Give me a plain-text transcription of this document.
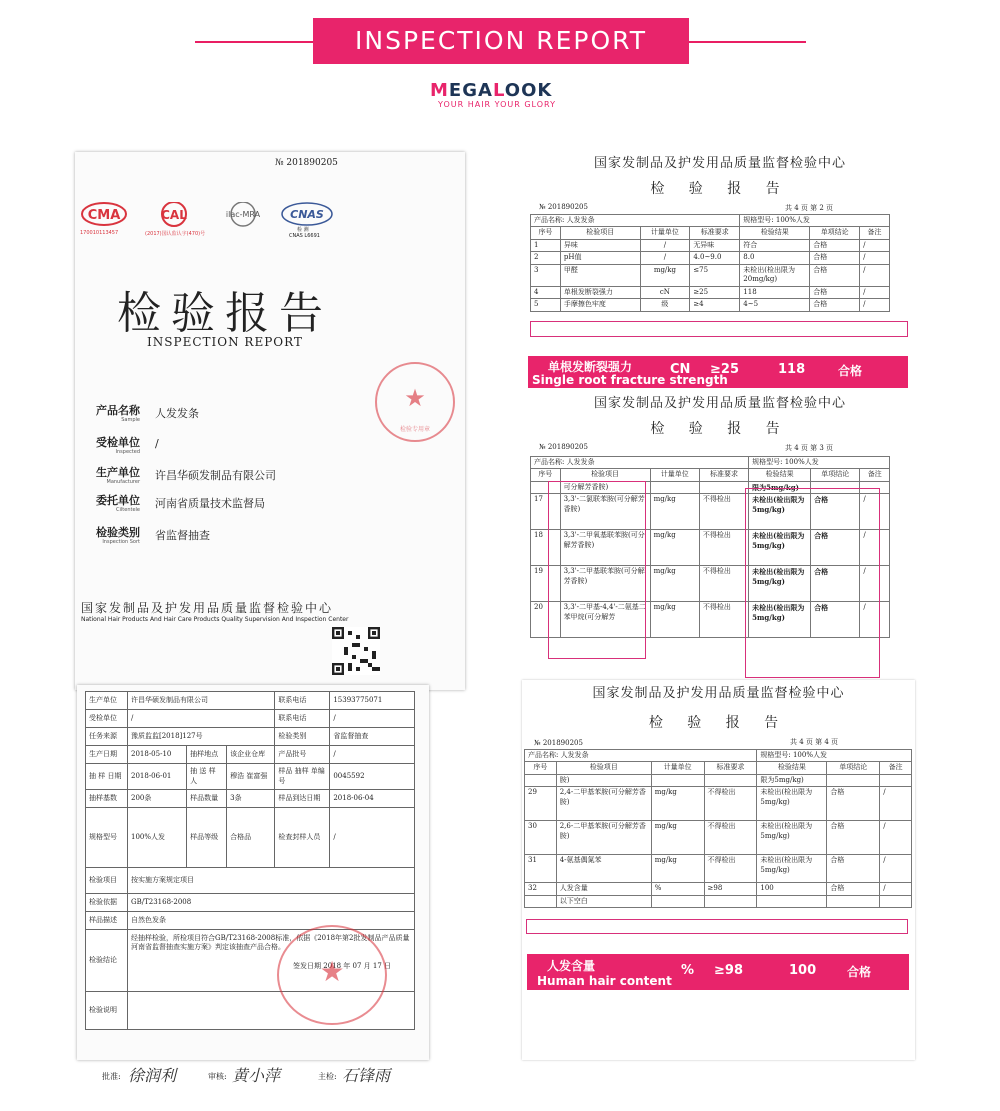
INSPECTION REPORT
MEGALOOK
YOUR HAIR YOUR GLORY
№ 201890205
CMA
170010113457
CAL
(2017)国认监认字(470)号
ilac-MRA	CNAS
检 测
CNAS L6691
检验报告
INSPECTION REPORT
产品名称
Sample 人发发条
受检单位
Inspected
/
生产单位
Manufacturer 许昌华硕发制品有限公司
委托单位
Ciltentele 河南省质量技术监督局
检验类别
Inspection Sort 省监督抽查
★
检验专用章
国家发制品及护发用品质量监督检验中心
National Hair Products And Hair Care Products Quality Supervision And Inspection Center
国家发制品及护发用品质量监督检验中心
检 验 报 告
№ 201890205	共 4 页 第 2 页
产品名称: 人发发条				规格型号: 100%人发		
序号	检验项目	计量单位	标准要求	检验结果	单项结论	备注
1	异味	/	无异味	符合	合格	/
2	pH值	/	4.0~9.0	8.0	合格	/
3	甲醛	mg/kg	≤75	未检出(检出限为20mg/kg)	合格	/
4	单根发断裂强力	cN	≥25	118	合格	/
5	手摩擦色牢度	级	≥4	4~5	合格	/
单根发断裂强力
Single root fracture strength
CN ≥25	118	合格
国家发制品及护发用品质量监督检验中心
检 验 报 告
№ 201890205	共 4 页 第 3 页
产品名称: 人发发条				规格型号: 100%人发		
序号	检验项目	计量单位	标准要求	检验结果	单项结论	备注
	可分解芳香胺)			限为5mg/kg)		
17	3,3'-二氯联苯胺(可分解芳香胺)	mg/kg	不得检出	未检出(检出限为5mg/kg)	合格	/
18	3,3'-二甲氧基联苯胺(可分解芳香胺)	mg/kg	不得检出	未检出(检出限为5mg/kg)	合格	/
19	3,3'-二甲基联苯胺(可分解芳香胺)	mg/kg	不得检出	未检出(检出限为5mg/kg)	合格	/
20	3,3'-二甲基-4,4'-二氨基二苯甲烷(可分解芳	mg/kg	不得检出	未检出(检出限为5mg/kg)	合格	/
国家发制品及护发用品质量监督检验中心
检 验 报 告
№ 201890205	共 4 页 第 4 页
产品名称: 人发发条				规格型号: 100%人发		
序号	检验项目	计量单位	标准要求	检验结果	单项结论	备注
	胺)			限为5mg/kg)		
29	2,4-二甲基苯胺(可分解芳香胺)	mg/kg	不得检出	未检出(检出限为5mg/kg)	合格	/
30	2,6-二甲基苯胺(可分解芳香胺)	mg/kg	不得检出	未检出(检出限为5mg/kg)	合格	/
31	4-氨基偶氮苯	mg/kg	不得检出	未检出(检出限为5mg/kg)	合格	/
32	人发含量	%	≥98	100	合格	/
	以下空白					
人发含量
Human hair content
% ≥98	100	合格
生产单位	许昌华硕发制品有限公司			联系电话	15393775071
受检单位	/			联系电话	/
任务来源	豫质监监[2018]127号			检验类别	省监督抽查
生产日期	2018-05-10	抽样地点	该企业仓库	产品批号	/
抽 样 日期	2018-06-01	抽 送 样 人	穆浩 崔富强	样品 抽样 单编号	0045592
抽样基数	200条	样品数量	3条	样品到达日期	2018-06-04
规格型号	100%人发	样品等级	合格品	检查封样人员	/
检验项目	按实施方案规定项目				
检验依据	GB/T23168-2008				
样品描述	自然色发条				
检验结论	经抽样检验，所检项目符合GB/T23168-2008标准，依据《2018年第2批发制品产品质量河南省监督抽查实施方案》判定该抽查产品合格。
签发日期 2018 年 07 月 17 日				

检验说明					
★
批准: 徐润利	审核: 黄小萍	主检: 石锋雨
